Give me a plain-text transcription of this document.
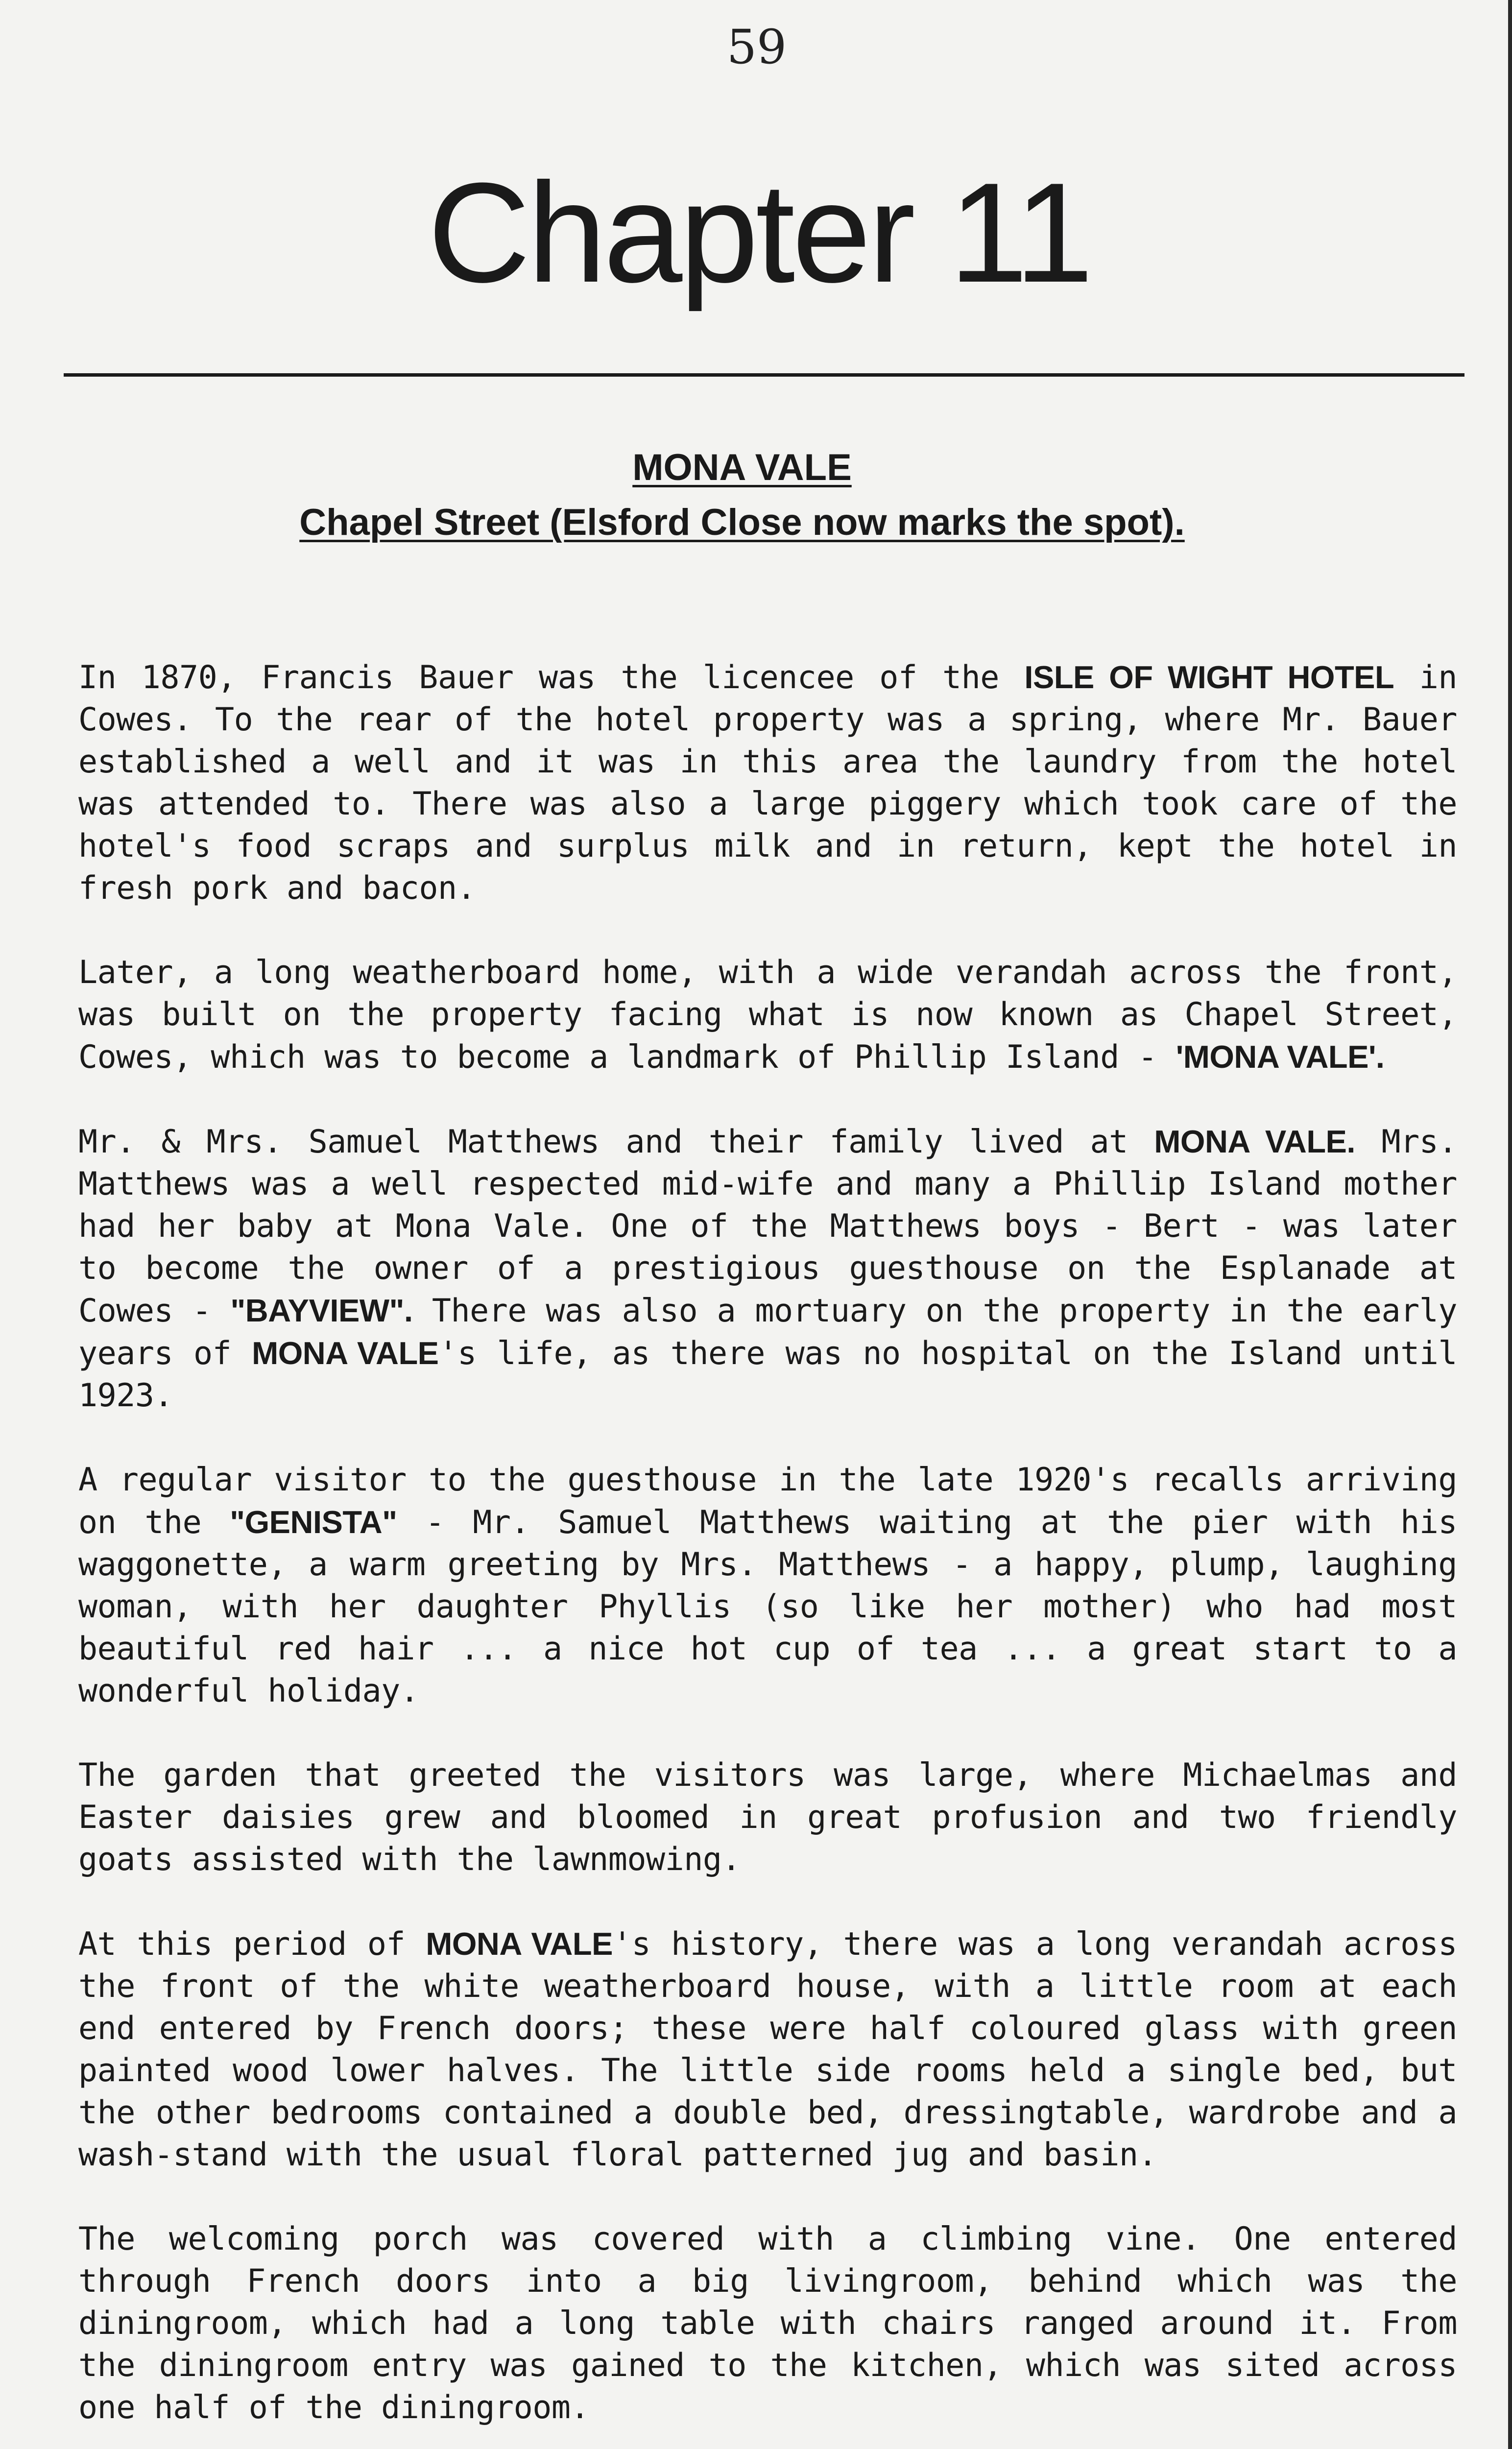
59
Chapter 11
MONA VALE
Chapel Street (Elsford Close now marks the spot).

In 1870, Francis Bauer was the licencee of the ISLE OF WIGHT HOTEL in Cowes. To the rear of the hotel property was a spring, where Mr. Bauer established a well and it was in this area the laundry from the hotel was attended to. There was also a large piggery which took care of the hotel's food scraps and surplus milk and in return, kept the hotel in fresh pork and bacon.

Later, a long weatherboard home, with a wide verandah across the front, was built on the property facing what is now known as Chapel Street, Cowes, which was to become a landmark of Phillip Island - 'MONA VALE'.

Mr. & Mrs. Samuel Matthews and their family lived at MONA VALE. Mrs. Matthews was a well respected mid-wife and many a Phillip Island mother had her baby at Mona Vale. One of the Matthews boys - Bert - was later to become the owner of a prestigious guesthouse on the Esplanade at Cowes - "BAYVIEW". There was also a mortuary on the property in the early years of MONA VALE's life, as there was no hospital on the Island until 1923.

A regular visitor to the guesthouse in the late 1920's recalls arriving on the "GENISTA" - Mr. Samuel Matthews waiting at the pier with his waggonette, a warm greeting by Mrs. Matthews - a happy, plump, laughing woman, with her daughter Phyllis (so like her mother) who had most beautiful red hair ... a nice hot cup of tea ... a great start to a wonderful holiday.

The garden that greeted the visitors was large, where Michaelmas and Easter daisies grew and bloomed in great profusion and two friendly goats assisted with the lawnmowing.

At this period of MONA VALE's history, there was a long verandah across the front of the white weatherboard house, with a little room at each end entered by French doors; these were half coloured glass with green painted wood lower halves. The little side rooms held a single bed, but the other bedrooms contained a double bed, dressingtable, wardrobe and a wash-stand with the usual floral patterned jug and basin.

The welcoming porch was covered with a climbing vine. One entered through French doors into a big livingroom, behind which was the diningroom, which had a long table with chairs ranged around it. From the diningroom entry was gained to the kitchen, which was sited across one half of the diningroom.
